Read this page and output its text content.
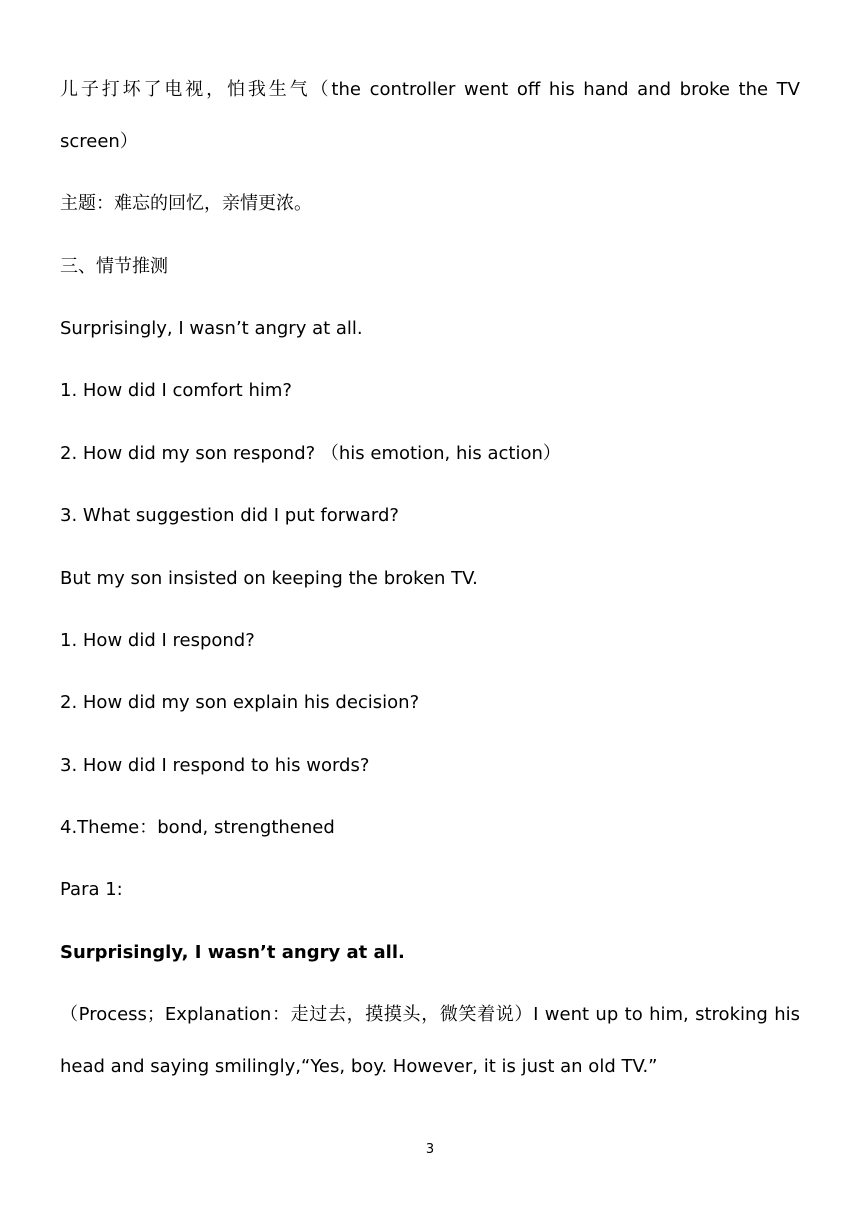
儿子打坏了电视，怕我生气（the controller went off his hand and broke the TV
screen）
主题：难忘的回忆，亲情更浓。
三、情节推测
Surprisingly, I wasn’t angry at all.
1. How did I comfort him?
2. How did my son respond? （his emotion, his action）
3. What suggestion did I put forward?
But my son insisted on keeping the broken TV.
1. How did I respond?
2. How did my son explain his decision?
3. How did I respond to his words?
4.Theme：bond, strengthened
Para 1:
Surprisingly, I wasn’t angry at all.
（Process；Explanation：走过去，摸摸头，微笑着说）I went up to him, stroking his
head and saying smilingly,“Yes, boy. However, it is just an old TV.”
3
